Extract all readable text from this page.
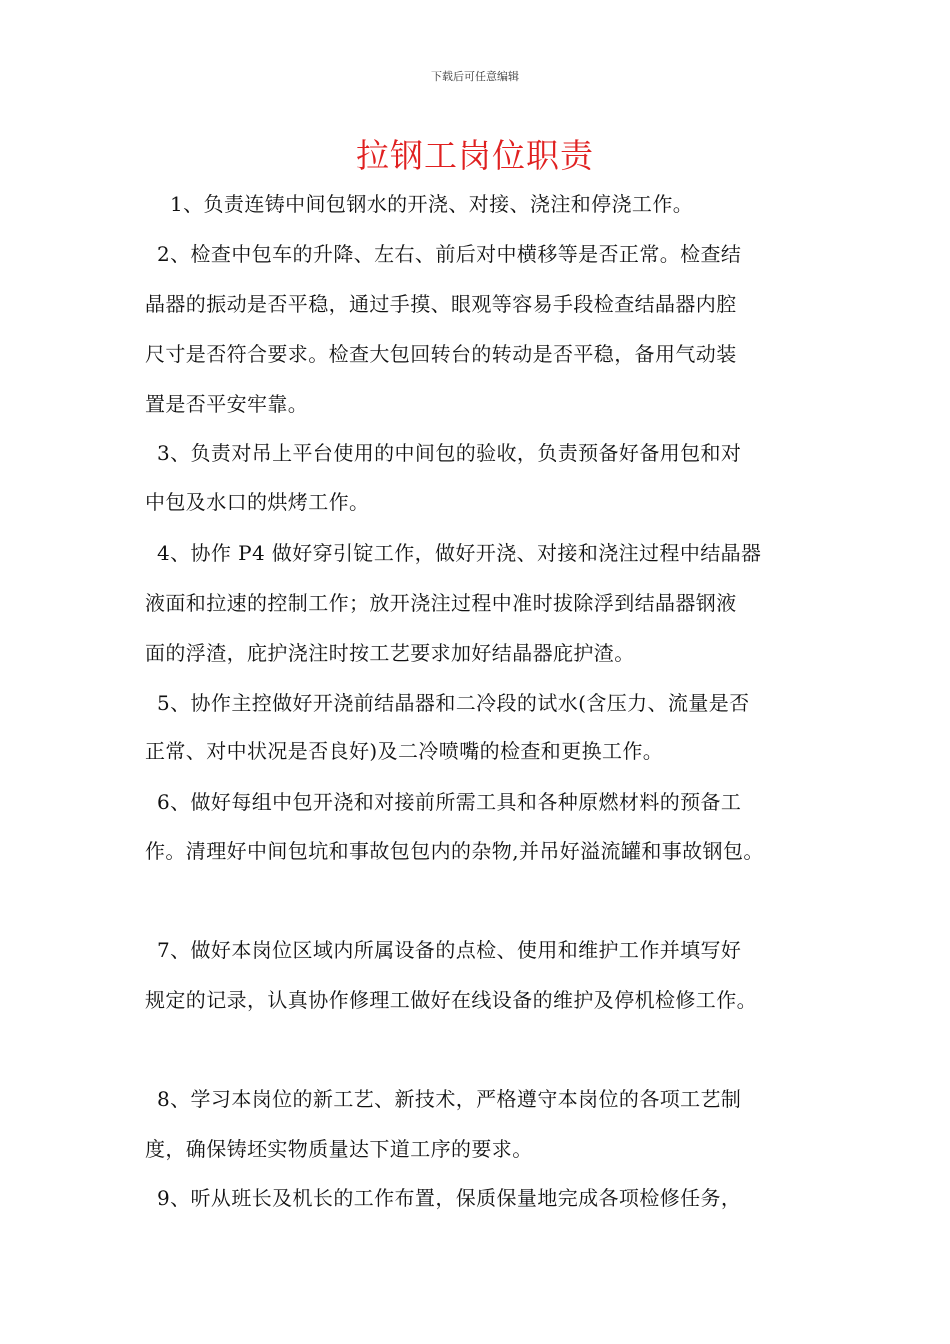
下载后可任意编辑
拉钢工岗位职责
1、负责连铸中间包钢水的开浇、对接、浇注和停浇工作。
2、检查中包车的升降、左右、前后对中横移等是否正常。检查结
晶器的振动是否平稳，通过手摸、眼观等容易手段检查结晶器内腔
尺寸是否符合要求。检查大包回转台的转动是否平稳，备用气动装
置是否平安牢靠。
3、负责对吊上平台使用的中间包的验收，负责预备好备用包和对
中包及水口的烘烤工作。
4、协作 P4 做好穿引锭工作，做好开浇、对接和浇注过程中结晶器
液面和拉速的控制工作；放开浇注过程中准时拔除浮到结晶器钢液
面的浮渣，庇护浇注时按工艺要求加好结晶器庇护渣。
5、协作主控做好开浇前结晶器和二冷段的试水(含压力、流量是否
正常、对中状况是否良好)及二冷喷嘴的检查和更换工作。
6、做好每组中包开浇和对接前所需工具和各种原燃材料的预备工
作。清理好中间包坑和事故包包内的杂物,并吊好溢流罐和事故钢包。
7、做好本岗位区域内所属设备的点检、使用和维护工作并填写好
规定的记录，认真协作修理工做好在线设备的维护及停机检修工作。
8、学习本岗位的新工艺、新技术，严格遵守本岗位的各项工艺制
度，确保铸坯实物质量达下道工序的要求。
9、听从班长及机长的工作布置，保质保量地完成各项检修任务，
